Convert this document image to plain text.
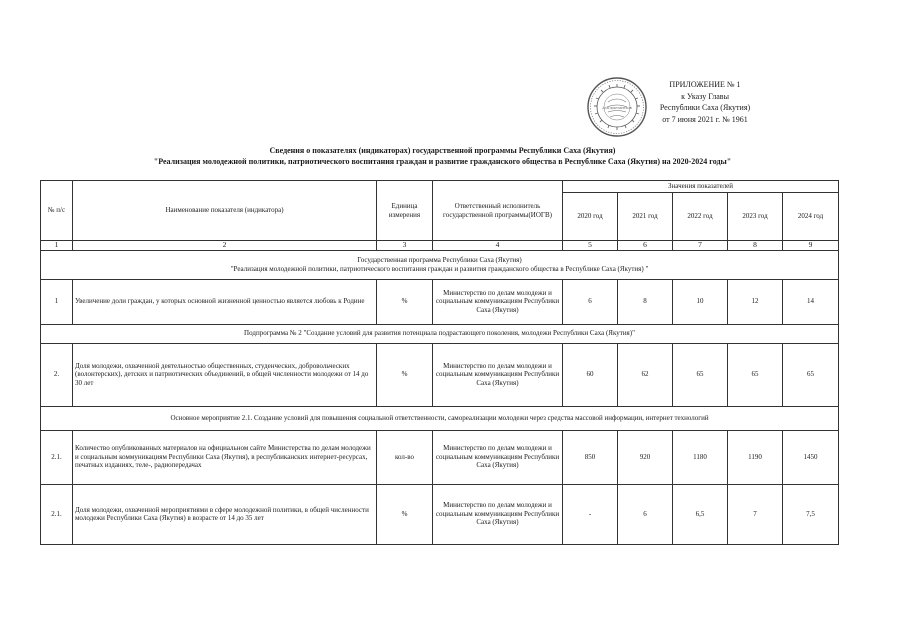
ДЛЯ ДОКУМЕНТОВ
ПРИЛОЖЕНИЕ № 1
к Указу Главы
Республики Саха (Якутия)
от 7 июня 2021 г. № 1961
Сведения о показателях (индикаторах) государственной программы Республики Саха (Якутия)
"Реализация молодежной политики, патриотического воспитания граждан и развитие гражданского общества в Республике Саха (Якутия) на 2020-2024 годы"
№ п/с	Наименование показателя (индикатора)	Единица измерения	Ответственный исполнитель государственной программы(ИОГВ)	Значения показателей				
				2020 год	2021 год	2022 год	2023 год	2024 год
1	2	3	4	5	6	7	8	9

Государственная программа Республики Саха (Якутия)
"Реализация молодежной политики, патриотического воспитания граждан и развития гражданского общества в Республике Саха (Якутия) "								

1	Увеличение доли граждан, у которых основной жизненной ценностью является любовь к Родине	%	Министерство по делам молодежи и социальным коммуникациям Республики Саха (Якутия)	6	8	10	12	14
Подпрограмма № 2 "Создание условий для развития потенциала подрастающего поколения, молодежи Республики Саха (Якутия)"								
2.	Доля молодежи, охваченной деятельностью общественных, студенческих, добровольческих (волонтерских), детских и патриотических объединений, в общей численности молодежи от 14 до 30 лет	%	Министерство по делам молодежи и социальным коммуникациям Республики Саха (Якутия)	60	62	65	65	65
Основное мероприятие 2.1. Создание условий для повышения социальной ответственности, самореализации молодежи через средства массовой информации, интернет технологий								
2.1.	Количество опубликованных материалов на официальном сайте Министерства по делам молодежи и социальным коммуникациям Республики Саха (Якутия), в республиканских интернет-ресурсах, печатных изданиях, теле-, радиопередачах	кол-во	Министерство по делам молодежи и социальным коммуникациям Республики Саха (Якутия)	850	920	1180	1190	1450
2.1.	Доля молодежи, охваченной мероприятиями в сфере молодежной политики, в общей численности молодежи Республики Саха (Якутия) в возрасте от 14 до 35 лет	%	Министерство по делам молодежи и социальным коммуникациям Республики Саха (Якутия)	-	6	6,5	7	7,5
